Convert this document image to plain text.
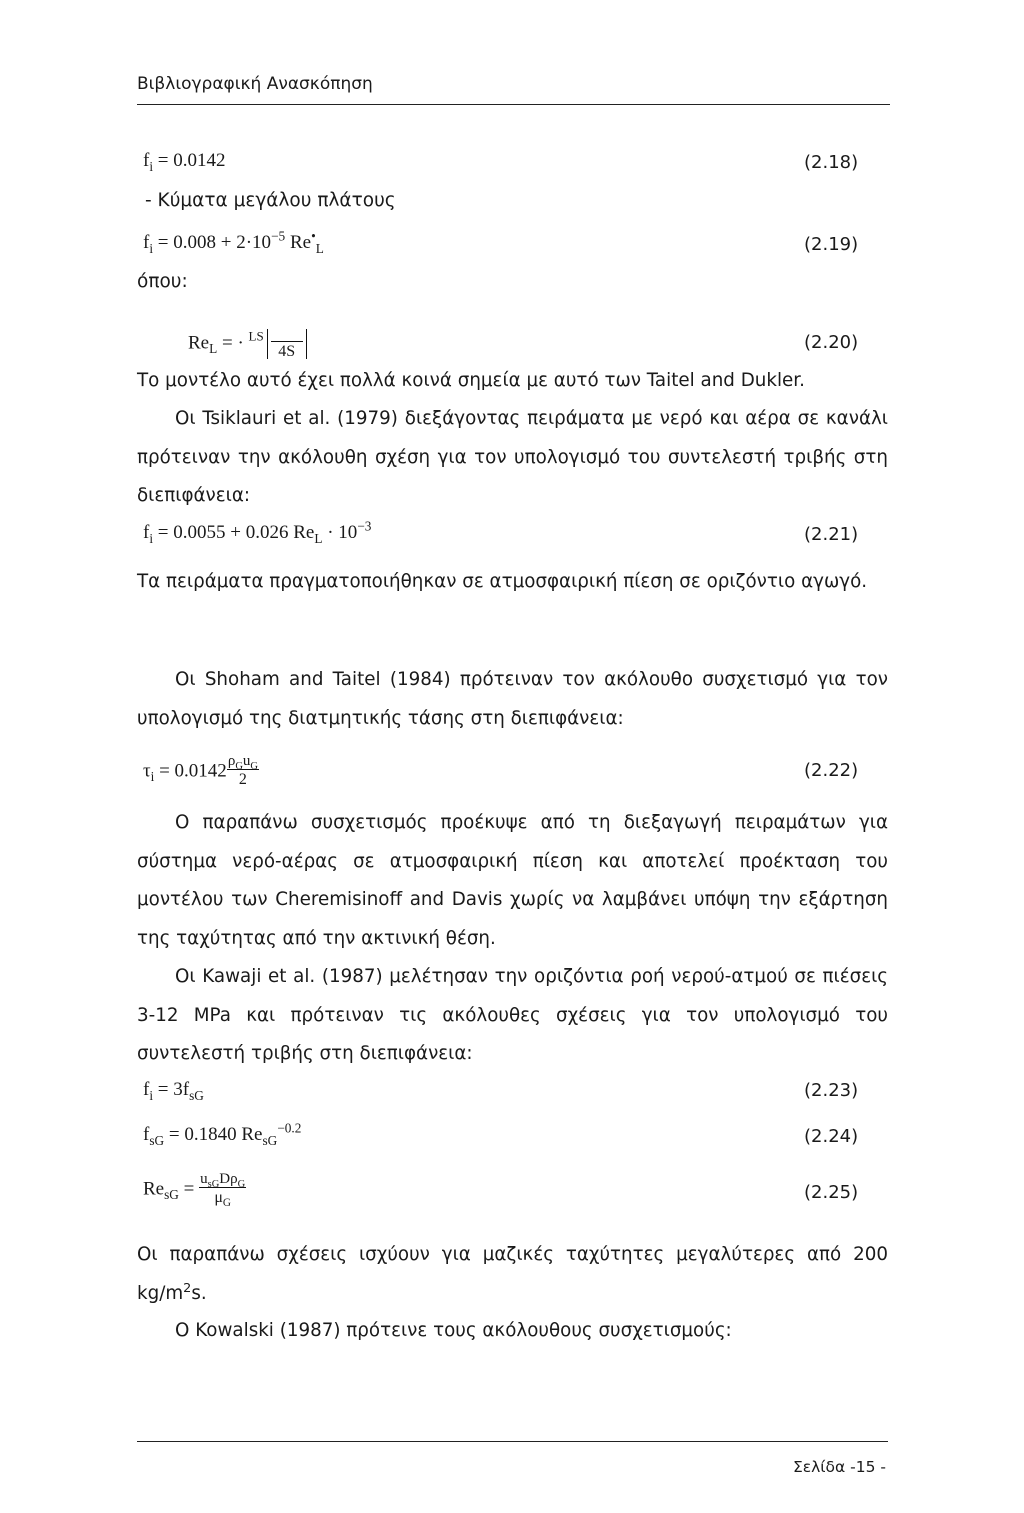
Βιβλιογραφική Ανασκόπηση
$f_i = 0.0142$	(2.18)
- Κύματα μεγάλου πλάτους
$f_i = 0.008 + 2\cdot 10^{-5}$ $Re^•_L$	(2.19)
όπου:
$Re_L$ = · $^{LS}$

4S	(2.20)
Το μοντέλο αυτό έχει πολλά κοινά σημεία με αυτό των Taitel and Dukler.
Οι Tsiklauri et al. (1979) διεξάγοντας πειράματα με νερό και αέρα σε κανάλι πρότειναν την ακόλουθη σχέση για τον υπολογισμό του συντελεστή τριβής στη διεπιφάνεια:
$f_i = 0.0055 + 0.026$ $Re_L \cdot 10^{-3}$	(2.21)
Τα πειράματα πραγματοποιήθηκαν σε ατμοσφαιρική πίεση σε οριζόντιο αγωγό.
Οι Shoham and Taitel (1984) πρότειναν τον ακόλουθο συσχετισμό για τον υπολογισμό της διατμητικής τάσης στη διεπιφάνεια:
$\tau_i = 0.0142 \frac{\rho_Gu_G}{2}$	(2.22)
Ο παραπάνω συσχετισμός προέκυψε από τη διεξαγωγή πειραμάτων για σύστημα νερό-αέρας σε ατμοσφαιρική πίεση και αποτελεί προέκταση του μοντέλου των Cheremisinoff and Davis χωρίς να λαμβάνει υπόψη την εξάρτηση της ταχύτητας από την ακτινική θέση.
Οι Kawaji et al. (1987) μελέτησαν την οριζόντια ροή νερού-ατμού σε πιέσεις 3-12 MPa και πρότειναν τις ακόλουθες σχέσεις για τον υπολογισμό του συντελεστή τριβής στη διεπιφάνεια:
$f_i = 3f_{sG}$	(2.23)
$f_{sG} = 0.1840$ $Re_{sG}^{-0.2}$	(2.24)
$Re_{sG} = \frac{u_{sG}D\rho_G}{\mu_G}$	(2.25)
Οι παραπάνω σχέσεις ισχύουν για μαζικές ταχύτητες μεγαλύτερες από 200 $kg/m^2s$.
Ο Kowalski (1987) πρότεινε τους ακόλουθους συσχετισμούς:
Σελίδα -15 -
